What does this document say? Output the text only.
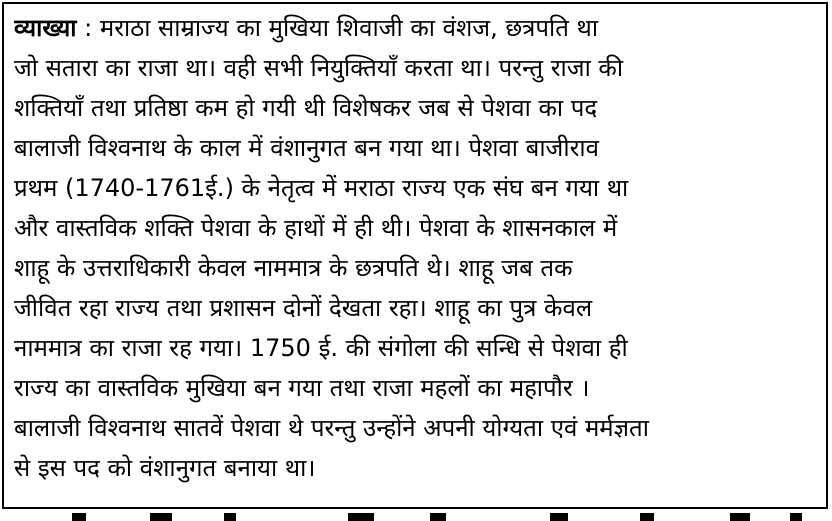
व्याख्या : मराठा साम्राज्य का मुखिया शिवाजी का वंशज, छत्रपति था
जो सतारा का राजा था। वही सभी नियुक्तियाँ करता था। परन्तु राजा की
शक्तियाँ तथा प्रतिष्ठा कम हो गयी थी विशेषकर जब से पेशवा का पद
बालाजी विश्वनाथ के काल में वंशानुगत बन गया था। पेशवा बाजीराव
प्रथम (1740-1761ई.) के नेतृत्व में मराठा राज्य एक संघ बन गया था
और वास्तविक शक्ति पेशवा के हाथों में ही थी। पेशवा के शासनकाल में
शाहू के उत्तराधिकारी केवल नाममात्र के छत्रपति थे। शाहू जब तक
जीवित रहा राज्य तथा प्रशासन दोनों देखता रहा। शाहू का पुत्र केवल
नाममात्र का राजा रह गया। 1750 ई. की संगोला की सन्धि से पेशवा ही
राज्य का वास्तविक मुखिया बन गया तथा राजा महलों का महापौर ।
बालाजी विश्वनाथ सातवें पेशवा थे परन्तु उन्होंने अपनी योग्यता एवं मर्मज्ञता
से इस पद को वंशानुगत बनाया था।
